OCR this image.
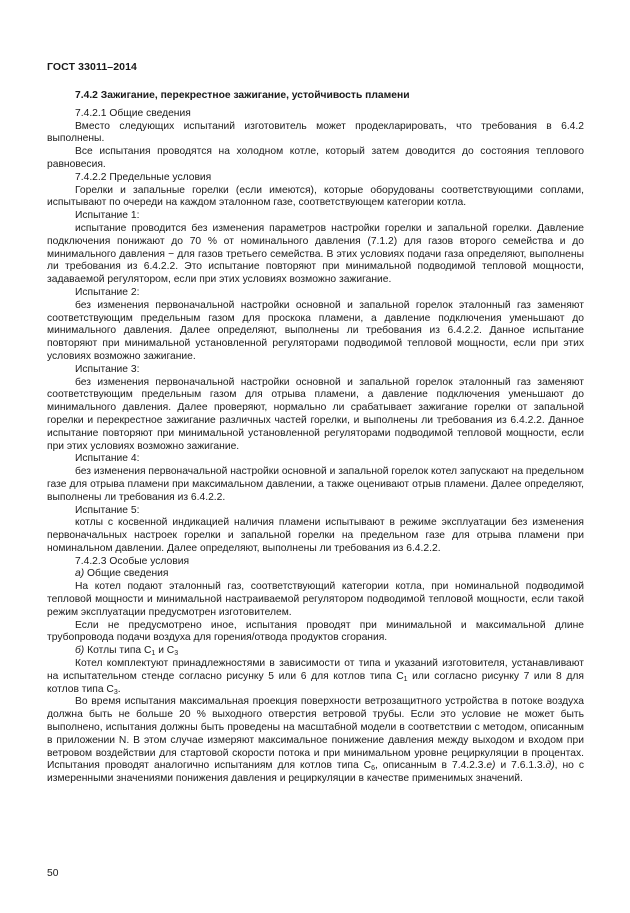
ГОСТ 33011–2014

7.4.2 Зажигание, перекрестное зажигание, устойчивость пламени

7.4.2.1 Общие сведения

Вместо следующих испытаний изготовитель может продекларировать, что требования в 6.4.2 выполнены.

Все испытания проводятся на холодном котле, который затем доводится до состояния теплового равновесия.

7.4.2.2 Предельные условия

Горелки и запальные горелки (если имеются), которые оборудованы соответствующими соплами, испытывают по очереди на каждом эталонном газе, соответствующем категории котла.

Испытание 1:

испытание проводится без изменения параметров настройки горелки и запальной горелки. Давление подключения понижают до 70 % от номинального давления (7.1.2) для газов второго семейства и до минимального давления − для газов третьего семейства. В этих условиях подачи газа определяют, выполнены ли требования из 6.4.2.2. Это испытание повторяют при минимальной подводимой тепловой мощности, задаваемой регулятором, если при этих условиях возможно зажигание.

Испытание 2:

без изменения первоначальной настройки основной и запальной горелок эталонный газ заменяют соответствующим предельным газом для проскока пламени, а давление подключения уменьшают до минимального давления. Далее определяют, выполнены ли требования из 6.4.2.2. Данное испытание повторяют при минимальной установленной регуляторами подводимой тепловой мощности, если при этих условиях возможно зажигание.

Испытание 3:

без изменения первоначальной настройки основной и запальной горелок эталонный газ заменяют соответствующим предельным газом для отрыва пламени, а давление подключения уменьшают до минимального давления. Далее проверяют, нормально ли срабатывает зажигание горелки от запальной горелки и перекрестное зажигание различных частей горелки, и выполнены ли требования из 6.4.2.2. Данное испытание повторяют при минимальной установленной регуляторами подводимой тепловой мощности, если при этих условиях возможно зажигание.

Испытание 4:

без изменения первоначальной настройки основной и запальной горелок котел запускают на предельном газе для отрыва пламени при максимальном давлении, а также оценивают отрыв пламени. Далее определяют, выполнены ли требования из 6.4.2.2.

Испытание 5:

котлы с косвенной индикацией наличия пламени испытывают в режиме эксплуатации без изменения первоначальных настроек горелки и запальной горелки на предельном газе для отрыва пламени при номинальном давлении. Далее определяют, выполнены ли требования из 6.4.2.2.

7.4.2.3 Особые условия

а) Общие сведения

На котел подают эталонный газ, соответствующий категории котла, при номинальной подводимой тепловой мощности и минимальной настраиваемой регулятором подводимой тепловой мощности, если такой режим эксплуатации предусмотрен изготовителем.

Если не предусмотрено иное, испытания проводят при минимальной и максимальной длине трубопровода подачи воздуха для горения/отвода продуктов сгорания.

б) Котлы типа $C_1$ и $C_3$

Котел комплектуют принадлежностями в зависимости от типа и указаний изготовителя, устанавливают на испытательном стенде согласно рисунку 5 или 6 для котлов типа $C_1$ или согласно рисунку 7 или 8 для котлов типа $C_3$.

Во время испытания максимальная проекция поверхности ветрозащитного устройства в потоке воздуха должна быть не больше 20 % выходного отверстия ветровой трубы. Если это условие не может быть выполнено, испытания должны быть проведены на масштабной модели в соответствии с методом, описанным в приложении N. В этом случае измеряют максимальное понижение давления между выходом и входом при ветровом воздействии для стартовой скорости потока и при минимальном уровне рециркуляции в процентах. Испытания проводят аналогично испытаниям для котлов типа $C_6$, описанным в 7.4.2.3.е) и 7.6.1.3.д), но с измеренными значениями понижения давления и рециркуляции в качестве применимых значений.

50
